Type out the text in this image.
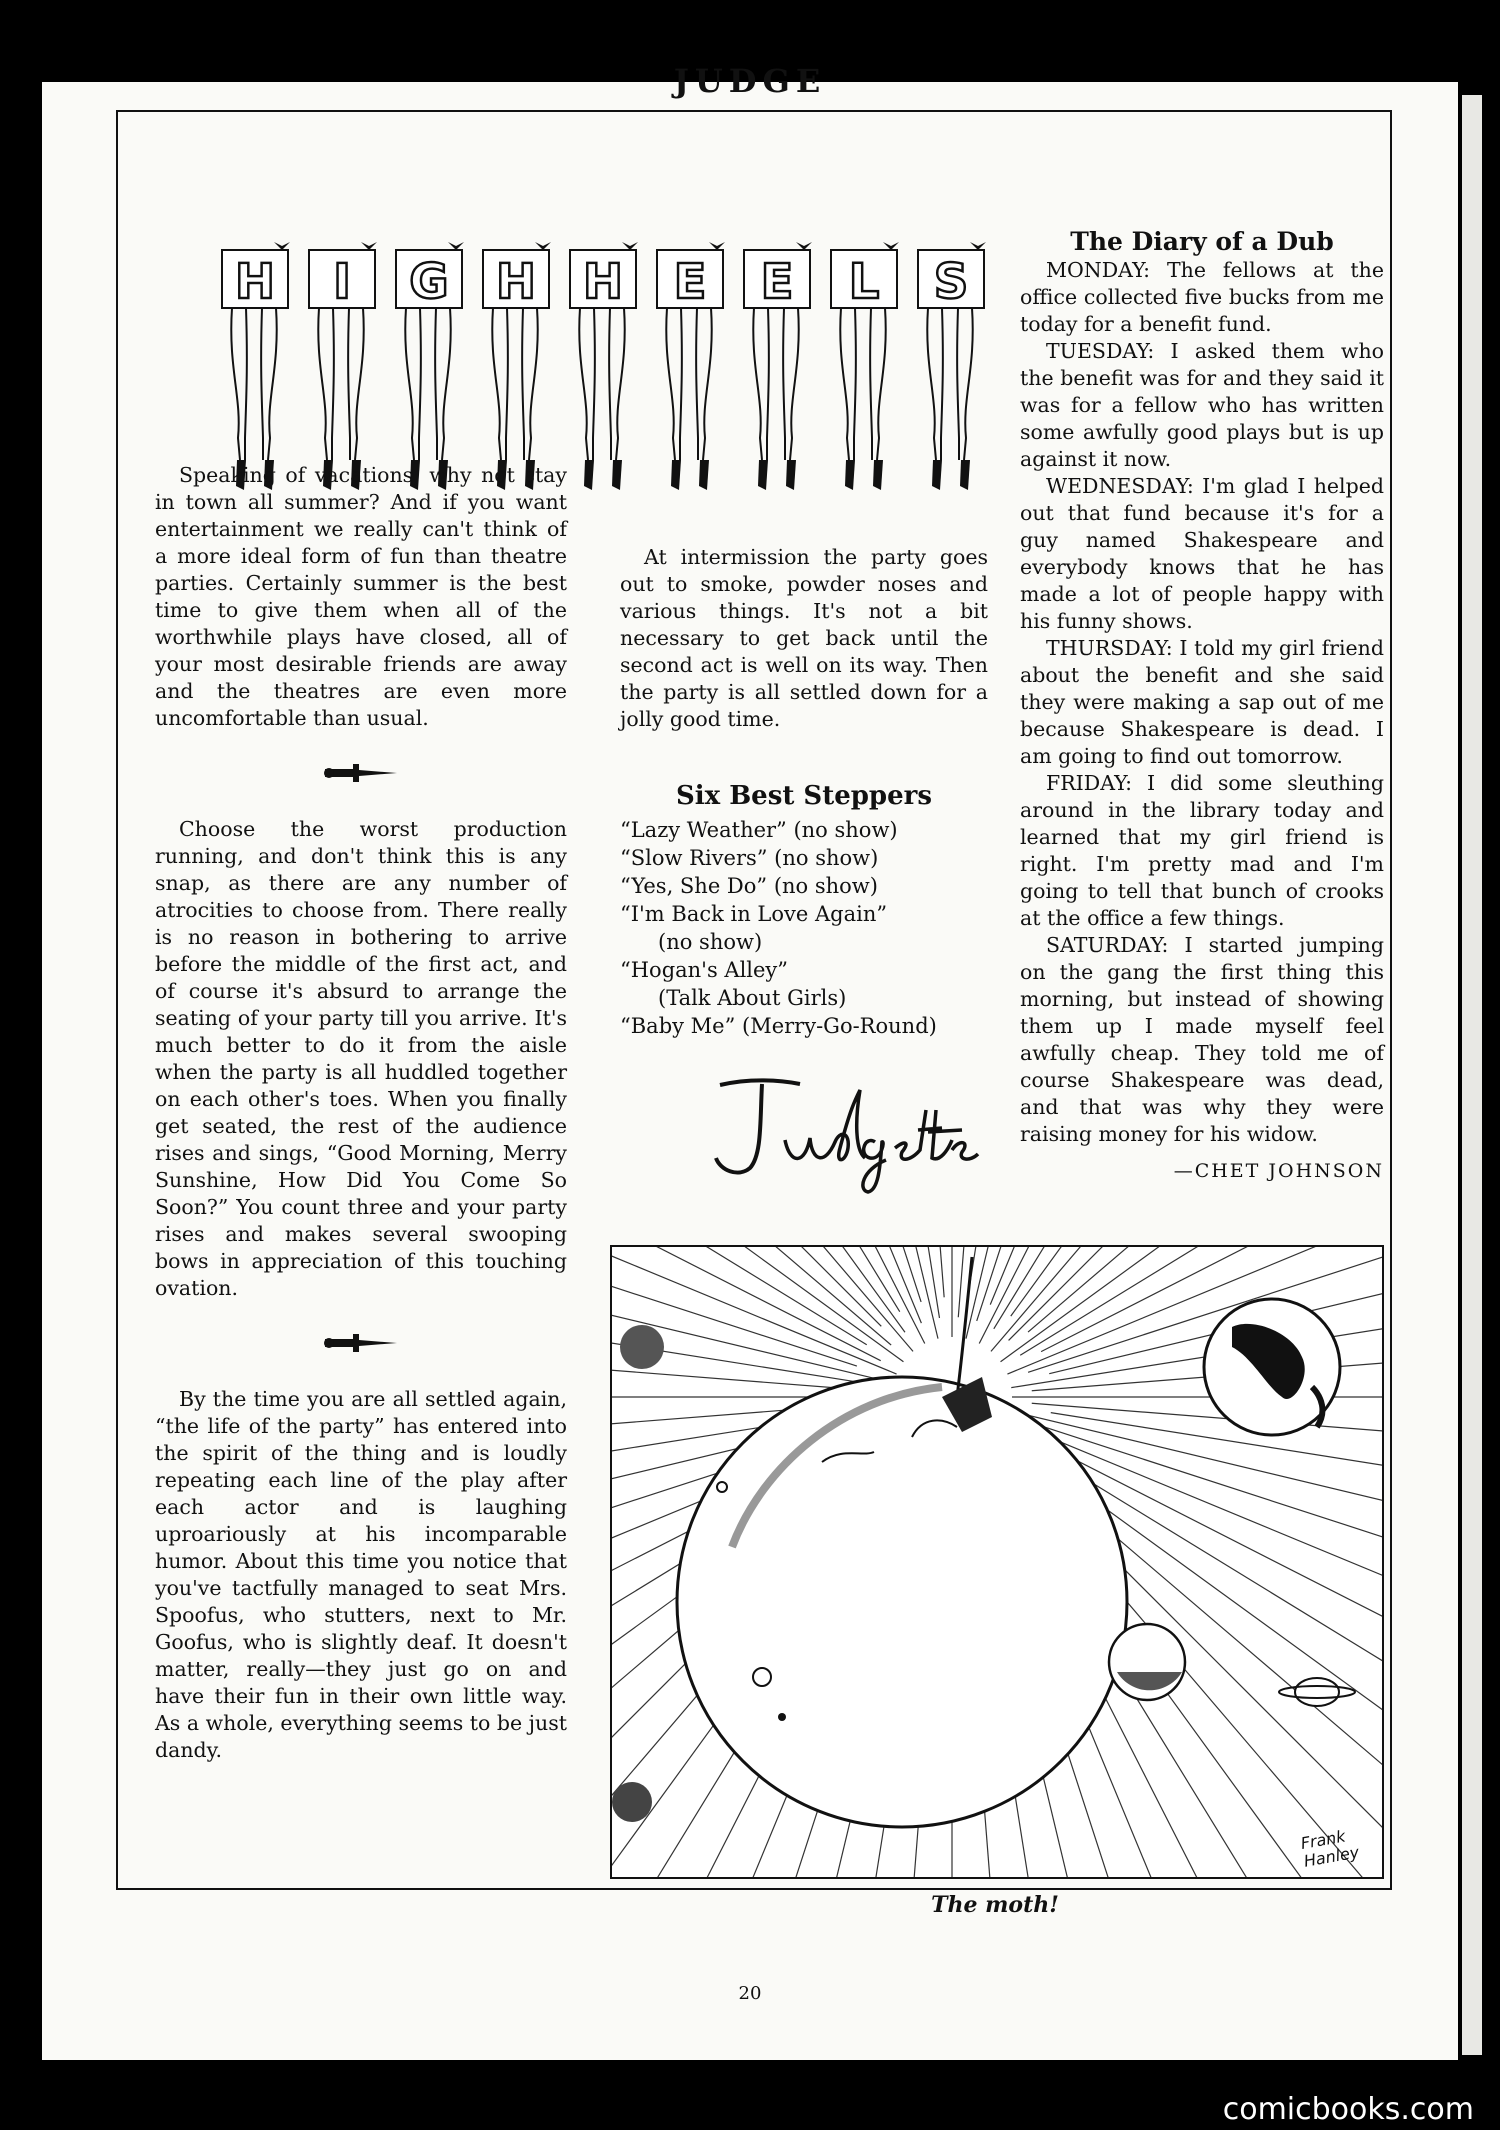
JUDGE
H I G H H E E L S

Speaking of vacations, why not stay in town all summer? And if you want entertainment we really can't think of a more ideal form of fun than theatre parties. Certainly summer is the best time to give them when all of the worthwhile plays have closed, all of your most desirable friends are away and the theatres are even more uncomfortable than usual.

Choose the worst production running, and don't think this is any snap, as there are any number of atrocities to choose from. There really is no reason in bothering to arrive before the middle of the first act, and of course it's absurd to arrange the seating of your party till you arrive. It's much better to do it from the aisle when the party is all huddled together on each other's toes. When you finally get seated, the rest of the audience rises and sings, “Good Morning, Merry Sunshine, How Did You Come So Soon?” You count three and your party rises and makes several swooping bows in appreciation of this touching ovation.

By the time you are all settled again, “the life of the party” has entered into the spirit of the thing and is loudly repeating each line of the play after each actor and is laughing uproariously at his incomparable humor. About this time you notice that you've tactfully managed to seat Mrs. Spoofus, who stutters, next to Mr. Goofus, who is slightly deaf. It doesn't matter, really—they just go on and have their fun in their own little way. As a whole, everything seems to be just dandy.

At intermission the party goes out to smoke, powder noses and various things. It's not a bit necessary to get back until the second act is well on its way. Then the party is all settled down for a jolly good time.

Six Best Steppers
“Lazy Weather” (no show)
“Slow Rivers” (no show)
“Yes, She Do” (no show)
“I'm Back in Love Again”
(no show)
“Hogan's Alley”
(Talk About Girls)
“Baby Me” (Merry-Go-Round)
The Diary of a Dub

MONDAY: The fellows at the office collected five bucks from me today for a benefit fund.

TUESDAY: I asked them who the benefit was for and they said it was for a fellow who has written some awfully good plays but is up against it now.

WEDNESDAY: I'm glad I helped out that fund because it's for a guy named Shakespeare and everybody knows that he has made a lot of people happy with his funny shows.

THURSDAY: I told my girl friend about the benefit and she said they were making a sap out of me because Shakespeare is dead. I am going to find out tomorrow.

FRIDAY: I did some sleuthing around in the library today and learned that my girl friend is right. I'm pretty mad and I'm going to tell that bunch of crooks at the office a few things.

SATURDAY: I started jumping on the gang the first thing this morning, but instead of showing them up I made myself feel awfully cheap. They told me of course Shakespeare was dead, and that was why they were raising money for his widow.

—CHET JOHNSON
Frank Hanley
The moth!
20
comicbooks.com
